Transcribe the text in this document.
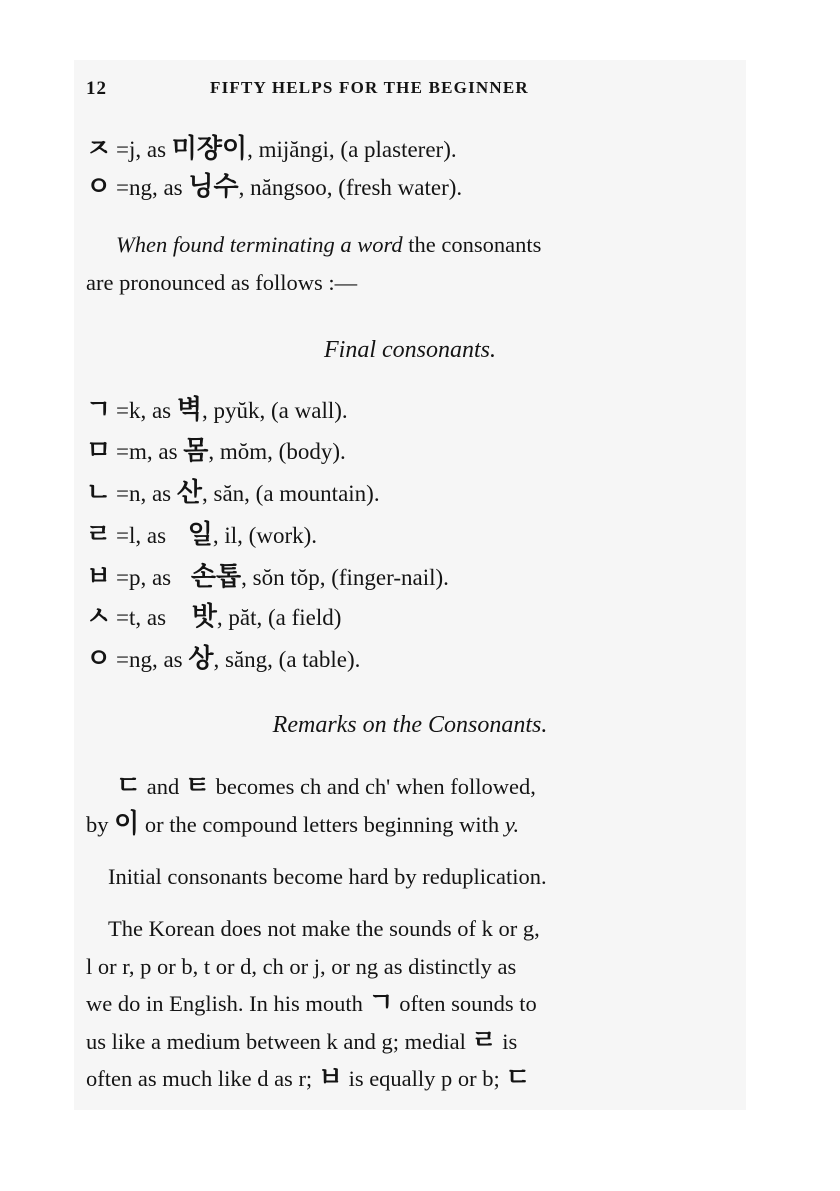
12	FIFTY HELPS FOR THE BEGINNER
ㅈ =j, as 미쟝이, mijăngi, (a plasterer).
ㅇ =ng, as 닝수, năngsoo, (fresh water).
When found terminating a word the consonants
are pronounced as follows :—
Final consonants.
ㄱ =k, as 벽, pyŭk, (a wall).
ㅁ =m, as 몸, mŏm, (body).
ㄴ =n, as 산, săn, (a mountain).
ㄹ =l, as 일, il, (work).
ㅂ =p, as 손톱, sŏn tŏp, (finger-nail).
ㅅ =t, as 밧, păt, (a field)
ㅇ =ng, as 상, săng, (a table).
Remarks on the Consonants.
ㄷ and ㅌ becomes ch and ch' when followed,
by 이 or the compound letters beginning with y.
Initial consonants become hard by reduplication.
The Korean does not make the sounds of k or g,
l or r, p or b, t or d, ch or j, or ng as distinctly as
we do in English. In his mouth ㄱ often sounds to
us like a medium between k and g; medial ㄹ is
often as much like d as r; ㅂ is equally p or b; ㄷ
